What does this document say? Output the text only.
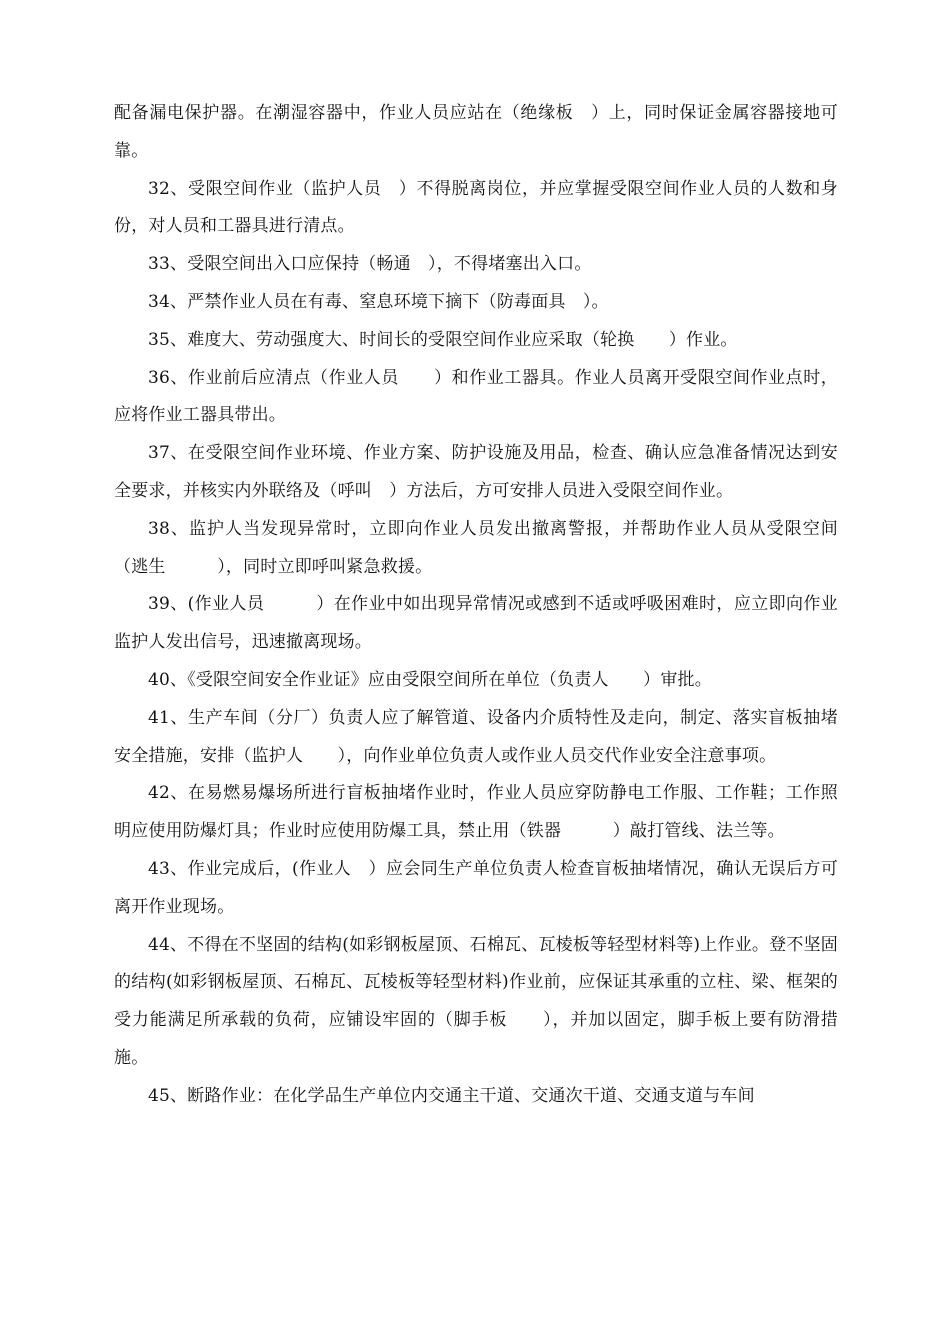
配备漏电保护器。在潮湿容器中，作业人员应站在（绝缘板　）上，同时保证金属容器接地可靠。

32、受限空间作业（监护人员　）不得脱离岗位，并应掌握受限空间作业人员的人数和身份，对人员和工器具进行清点。

33、受限空间出入口应保持（畅通　），不得堵塞出入口。

34、严禁作业人员在有毒、窒息环境下摘下（防毒面具　）。

35、难度大、劳动强度大、时间长的受限空间作业应采取（轮换　　）作业。

36、作业前后应清点（作业人员　　）和作业工器具。作业人员离开受限空间作业点时，应将作业工器具带出。

37、在受限空间作业环境、作业方案、防护设施及用品，检查、确认应急准备情况达到安全要求，并核实内外联络及（呼叫　）方法后，方可安排人员进入受限空间作业。

38、监护人当发现异常时，立即向作业人员发出撤离警报，并帮助作业人员从受限空间（逃生　　　），同时立即呼叫紧急救援。

39、(作业人员　　　）在作业中如出现异常情况或感到不适或呼吸困难时，应立即向作业监护人发出信号，迅速撤离现场。

40、《受限空间安全作业证》应由受限空间所在单位（负责人　　）审批。

41、生产车间（分厂）负责人应了解管道、设备内介质特性及走向，制定、落实盲板抽堵安全措施，安排（监护人　　），向作业单位负责人或作业人员交代作业安全注意事项。

42、在易燃易爆场所进行盲板抽堵作业时，作业人员应穿防静电工作服、工作鞋；工作照明应使用防爆灯具；作业时应使用防爆工具，禁止用（铁器　　　）敲打管线、法兰等。

43、作业完成后，(作业人　）应会同生产单位负责人检查盲板抽堵情况，确认无误后方可离开作业现场。

44、不得在不坚固的结构(如彩钢板屋顶、石棉瓦、瓦棱板等轻型材料等)上作业。登不坚固的结构(如彩钢板屋顶、石棉瓦、瓦棱板等轻型材料)作业前，应保证其承重的立柱、梁、框架的受力能满足所承载的负荷，应铺设牢固的（脚手板　　），并加以固定，脚手板上要有防滑措施。

45、断路作业：在化学品生产单位内交通主干道、交通次干道、交通支道与车间
